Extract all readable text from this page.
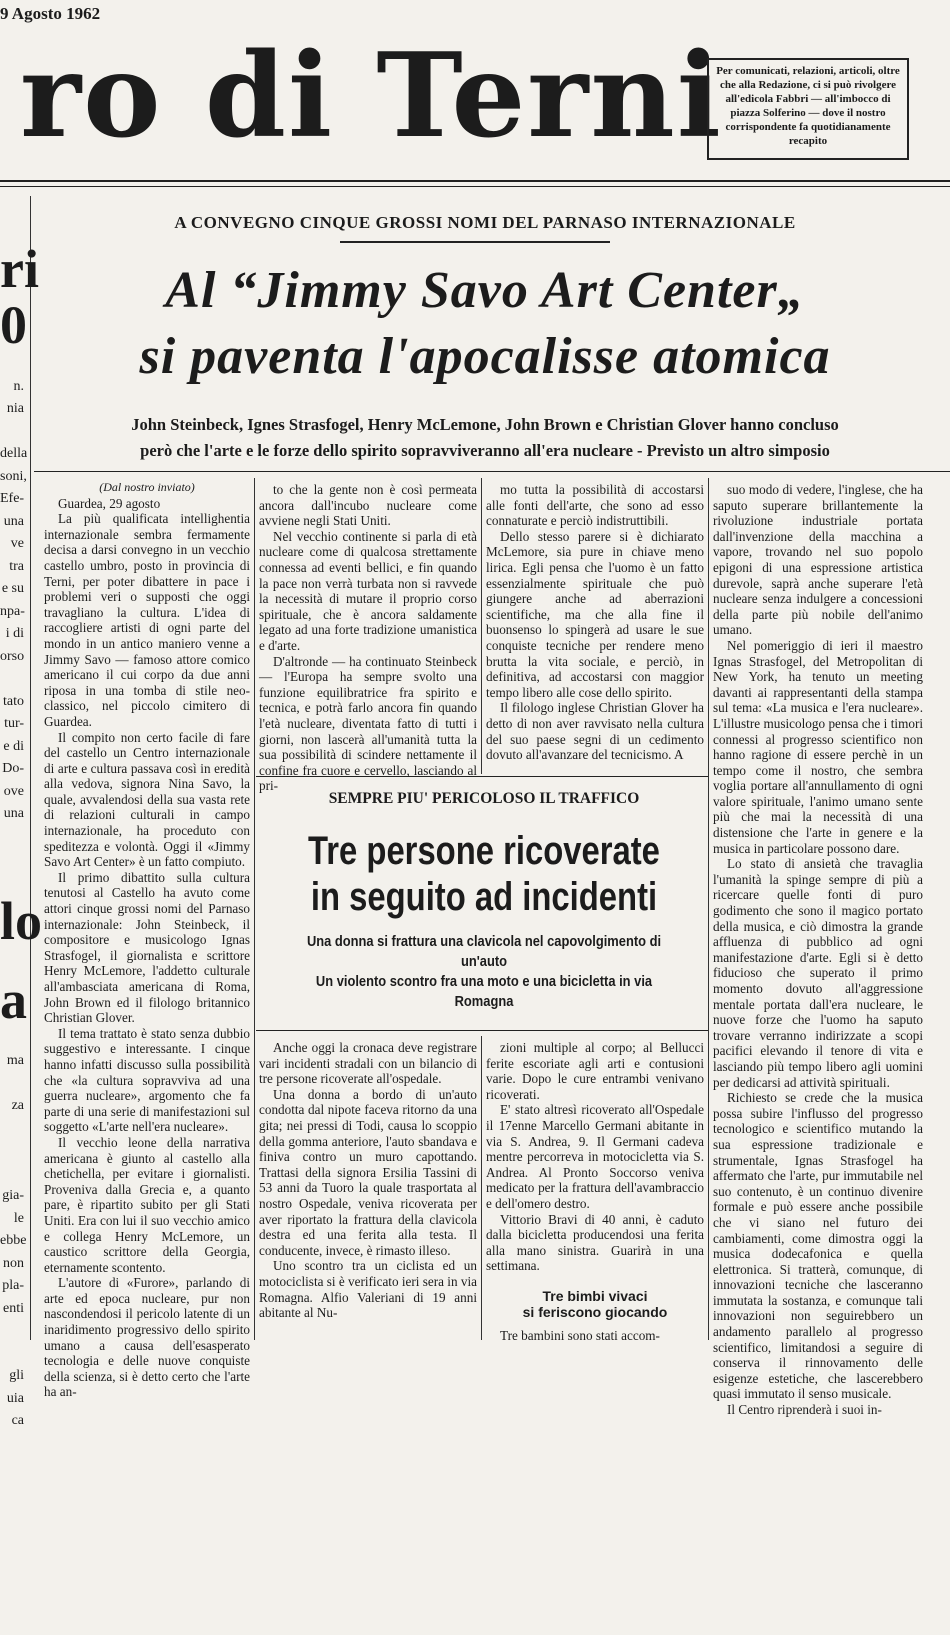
9 Agosto 1962
ro di Terni
Per comunicati, relazioni, articoli, oltre che alla Redazione, ci si può rivolgere all'edicola Fabbri — all'imbocco di piazza Solferino — dove il nostro corrispondente fa quotidianamente recapito

ri
0

n.
nia

della
soni,
Efe-
una
ve
tra
e su
npa-
i di
orso

tato
tur-
e di
Do-
ove
una

lo

a

ma

za

gia-
le
ebbe
non
pla-
enti

gli
uia
ca

A CONVEGNO CINQUE GROSSI NOMI DEL PARNASO INTERNAZIONALE
Al “Jimmy Savo Art Center„
si paventa l'apocalisse atomica
John Steinbeck, Ignes Strasfogel, Henry McLemone, John Brown e Christian Glover hanno concluso
però che l'arte e le forze dello spirito sopravviveranno all'era nucleare - Previsto un altro simposio

(Dal nostro inviato)

Guardea, 29 agosto

La più qualificata intellighentia internazionale sembra fermamente decisa a darsi convegno in un vecchio castello umbro, posto in provincia di Terni, per poter dibattere in pace i problemi veri o supposti che oggi travagliano la cultura. L'idea di raccogliere artisti di ogni parte del mondo in un antico maniero venne a Jimmy Savo — famoso attore comico americano il cui corpo da due anni riposa in una tomba di stile neo-classico, nel piccolo cimitero di Guardea.

Il compito non certo facile di fare del castello un Centro internazionale di arte e cultura passava così in eredità alla vedova, signora Nina Savo, la quale, avvalendosi della sua vasta rete di relazioni culturali in campo internazionale, ha proceduto con speditezza e volontà. Oggi il «Jimmy Savo Art Center» è un fatto compiuto.

Il primo dibattito sulla cultura tenutosi al Castello ha avuto come attori cinque grossi nomi del Parnaso internazionale: John Steinbeck, il compositore e musicologo Ignas Strasfogel, il giornalista e scrittore Henry McLemore, l'addetto culturale all'ambasciata americana di Roma, John Brown ed il filologo britannico Christian Glover.

Il tema trattato è stato senza dubbio suggestivo e interessante. I cinque hanno infatti discusso sulla possibilità che «la cultura sopravviva ad una guerra nucleare», argomento che fa parte di una serie di manifestazioni sul soggetto «L'arte nell'era nucleare».

Il vecchio leone della narrativa americana è giunto al castello alla chetichella, per evitare i giornalisti. Proveniva dalla Grecia e, a quanto pare, è ripartito subito per gli Stati Uniti. Era con lui il suo vecchio amico e collega Henry McLemore, un caustico scrittore della Georgia, eternamente scontento.

L'autore di «Furore», parlando di arte ed epoca nucleare, pur non nascondendosi il pericolo latente di un inaridimento progressivo dello spirito umano a causa dell'esasperato tecnologia e delle nuove conquiste della scienza, si è detto certo che l'arte ha an-

to che la gente non è così permeata ancora dall'incubo nucleare come avviene negli Stati Uniti.

Nel vecchio continente si parla di età nucleare come di qualcosa strettamente connessa ad eventi bellici, e fin quando la pace non verrà turbata non si ravvede la necessità di mutare il proprio corso spirituale, che è ancora saldamente legato ad una forte tradizione umanistica e d'arte.

D'altronde — ha continuato Steinbeck — l'Europa ha sempre svolto una funzione equilibratrice fra spirito e tecnica, e potrà farlo ancora fin quando l'età nucleare, diventata fatto di tutti i giorni, non lascerà all'umanità tutta la sua possibilità di scindere nettamente il confine fra cuore e cervello, lasciando al pri-

mo tutta la possibilità di accostarsi alle fonti dell'arte, che sono ad esso connaturate e perciò indistruttibili.

Dello stesso parere si è dichiarato McLemore, sia pure in chiave meno lirica. Egli pensa che l'uomo è un fatto essenzialmente spirituale che può giungere anche ad aberrazioni scientifiche, ma che alla fine il buonsenso lo spingerà ad usare le sue conquiste tecniche per rendere meno brutta la vita sociale, e perciò, in definitiva, ad accostarsi con maggior tempo libero alle cose dello spirito.

Il filologo inglese Christian Glover ha detto di non aver ravvisato nella cultura del suo paese segni di un cedimento dovuto all'avanzare del tecnicismo. A

suo modo di vedere, l'inglese, che ha saputo superare brillantemente la rivoluzione industriale portata dall'invenzione della macchina a vapore, trovando nel suo popolo epigoni di una espressione artistica durevole, saprà anche superare l'età nucleare senza indulgere a concessioni della parte più nobile dell'animo umano.

Nel pomeriggio di ieri il maestro Ignas Strasfogel, del Metropolitan di New York, ha tenuto un meeting davanti ai rappresentanti della stampa sul tema: «La musica e l'era nucleare». L'illustre musicologo pensa che i timori connessi al progresso scientifico non hanno ragione di essere perchè in un tempo come il nostro, che sembra voglia portare all'annullamento di ogni valore spirituale, l'animo umano sente più che mai la necessità di una distensione che l'arte in genere e la musica in particolare possono dare.

Lo stato di ansietà che travaglia l'umanità la spinge sempre di più a ricercare quelle fonti di puro godimento che sono il magico portato della musica, e ciò dimostra la grande affluenza di pubblico ad ogni manifestazione d'arte. Egli si è detto fiducioso che superato il primo momento dovuto all'aggressione mentale portata dall'era nucleare, le nuove forze che l'uomo ha saputo trovare verranno indirizzate a scopi pacifici elevando il tenore di vita e lasciando più tempo libero agli uomini per dedicarsi ad attività spirituali.

Richiesto se crede che la musica possa subire l'influsso del progresso tecnologico e scientifico mutando la sua espressione tradizionale e strumentale, Ignas Strasfogel ha affermato che l'arte, pur immutabile nel suo contenuto, è un continuo divenire formale e può essere anche possibile che vi siano nel futuro dei cambiamenti, come dimostra oggi la musica dodecafonica e quella elettronica. Si tratterà, comunque, di innovazioni tecniche che lasceranno immutata la sostanza, e comunque tali innovazioni non seguirebbero un andamento parallelo al progresso scientifico, limitandosi a seguire di conserva il rinnovamento delle esigenze estetiche, che lascerebbero quasi immutato il senso musicale.

Il Centro riprenderà i suoi in-

SEMPRE PIU' PERICOLOSO IL TRAFFICO
Tre persone ricoverate
in seguito ad incidenti
Una donna si frattura una clavicola nel capovolgimento di un'auto
Un violento scontro fra una moto e una bicicletta in via Romagna

Anche oggi la cronaca deve registrare vari incidenti stradali con un bilancio di tre persone ricoverate all'ospedale.

Una donna a bordo di un'auto condotta dal nipote faceva ritorno da una gita; nei pressi di Todi, causa lo scoppio della gomma anteriore, l'auto sbandava e finiva contro un muro capottando. Trattasi della signora Ersilia Tassini di 53 anni da Tuoro la quale trasportata al nostro Ospedale, veniva ricoverata per aver riportato la frattura della clavicola destra ed una ferita alla testa. Il conducente, invece, è rimasto illeso.

Uno scontro tra un ciclista ed un motociclista si è verificato ieri sera in via Romagna. Alfio Valeriani di 19 anni abitante al Nu-

zioni multiple al corpo; al Bellucci ferite escoriate agli arti e contusioni varie. Dopo le cure entrambi venivano ricoverati.

E' stato altresì ricoverato all'Ospedale il 17enne Marcello Germani abitante in via S. Andrea, 9. Il Germani cadeva mentre percorreva in motocicletta via S. Andrea. Al Pronto Soccorso veniva medicato per la frattura dell'avambraccio e dell'omero destro.

Vittorio Bravi di 40 anni, è caduto dalla bicicletta producendosi una ferita alla mano sinistra. Guarirà in una settimana.

Tre bimbi vivaci
si feriscono giocando

Tre bambini sono stati accom-
